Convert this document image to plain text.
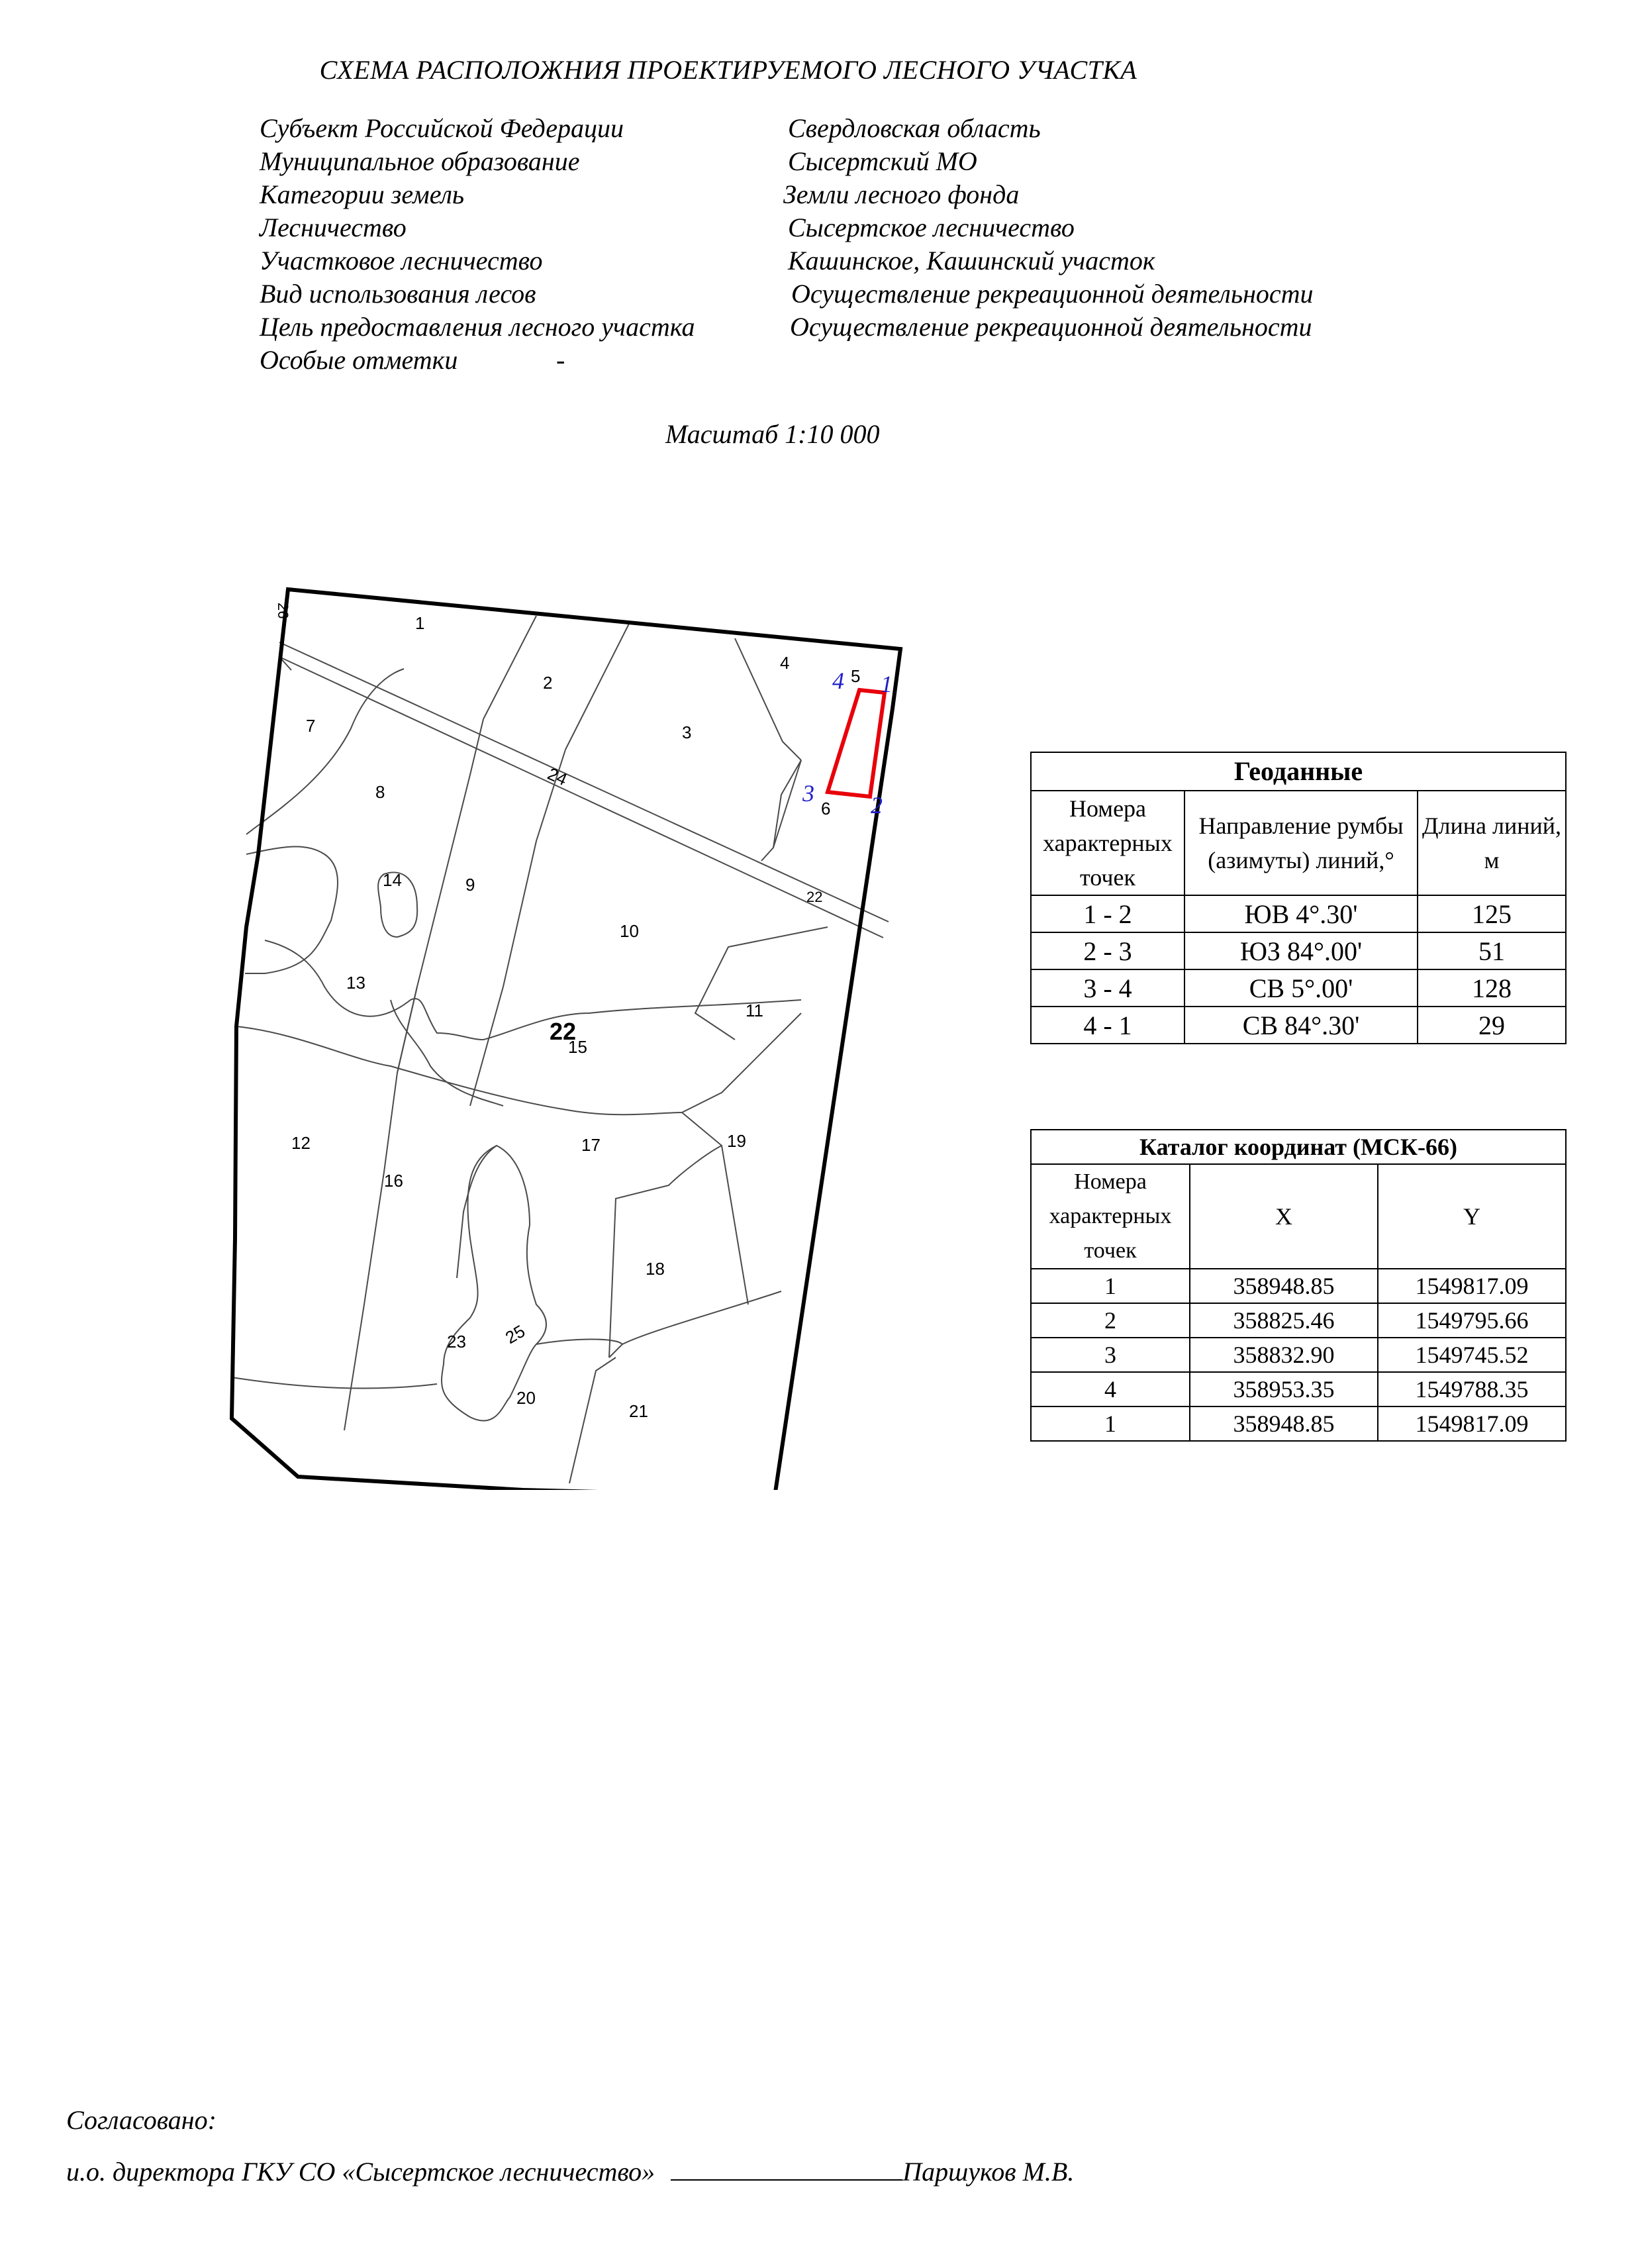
СХЕМА РАСПОЛОЖНИЯ ПРОЕКТИРУЕМОГО ЛЕСНОГО УЧАСТКА
Субъект Российской Федерации	Свердловская область
Муниципальное образование	Сысертский МО
Категории земель	Земли лесного фонда
Лесничество	Сысертское лесничество
Участковое лесничество	Кашинское, Кашинский участок
Вид использования лесов	Осуществление рекреационной деятельности
Цель предоставления лесного участка	Осуществление рекреационной деятельности
Особые отметки	-
Масштаб 1:10 000
1
2
3
4
5
6
7
8
9
10
11
12
13
14
15
16
17
18
19
20
21
23
24
25
26
22
22
1
2
3
4
Геоданные		
Номера характерных точек	Направление румбы (азимуты) линий,°	Длина линий, м
1 - 2	ЮВ 4°.30'	125
2 - 3	ЮЗ 84°.00'	51
3 - 4	СВ 5°.00'	128
4 - 1	СВ 84°.30'	29
Каталог координат (МСК-66)		
Номера характерных точек	X	Y
1	358948.85	1549817.09
2	358825.46	1549795.66
3	358832.90	1549745.52
4	358953.35	1549788.35
1	358948.85	1549817.09
Согласовано:
и.о. директора ГКУ СО «Сысертское лесничество»	Паршуков М.В.
